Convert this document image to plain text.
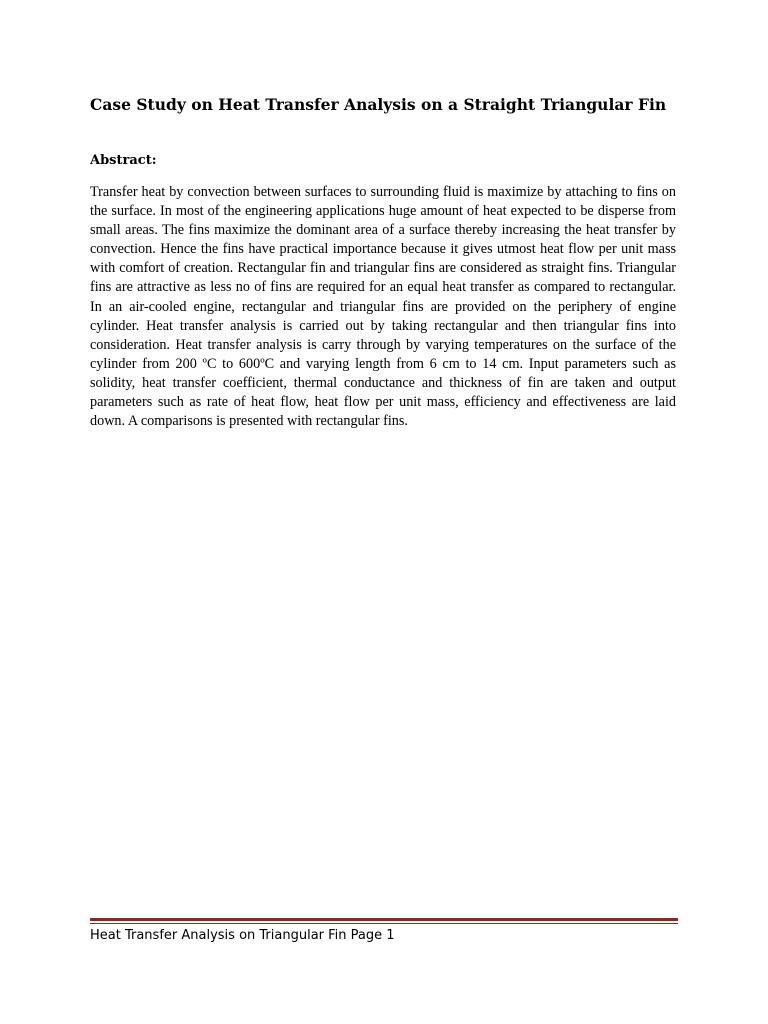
Case Study on Heat Transfer Analysis on a Straight Triangular Fin
Abstract:

Transfer heat by convection between surfaces to surrounding fluid is maximize by attaching to fins on the surface. In most of the engineering applications huge amount of heat expected to be disperse from small areas. The fins maximize the dominant area of a surface thereby increasing the heat transfer by convection. Hence the fins have practical importance because it gives utmost heat flow per unit mass with comfort of creation. Rectangular fin and triangular fins are considered as straight fins. Triangular fins are attractive as less no of fins are required for an equal heat transfer as compared to rectangular. In an air-cooled engine, rectangular and triangular fins are provided on the periphery of engine cylinder. Heat transfer analysis is carried out by taking rectangular and then triangular fins into consideration. Heat transfer analysis is carry through by varying temperatures on the surface of the cylinder from 200 ºC to 600ºC and varying length from 6 cm to 14 cm. Input parameters such as solidity, heat transfer coefficient, thermal conductance and thickness of fin are taken and output parameters such as rate of heat flow, heat flow per unit mass, efficiency and effectiveness are laid down. A comparisons is presented with rectangular fins.

Heat Transfer Analysis on Triangular Fin Page 1
